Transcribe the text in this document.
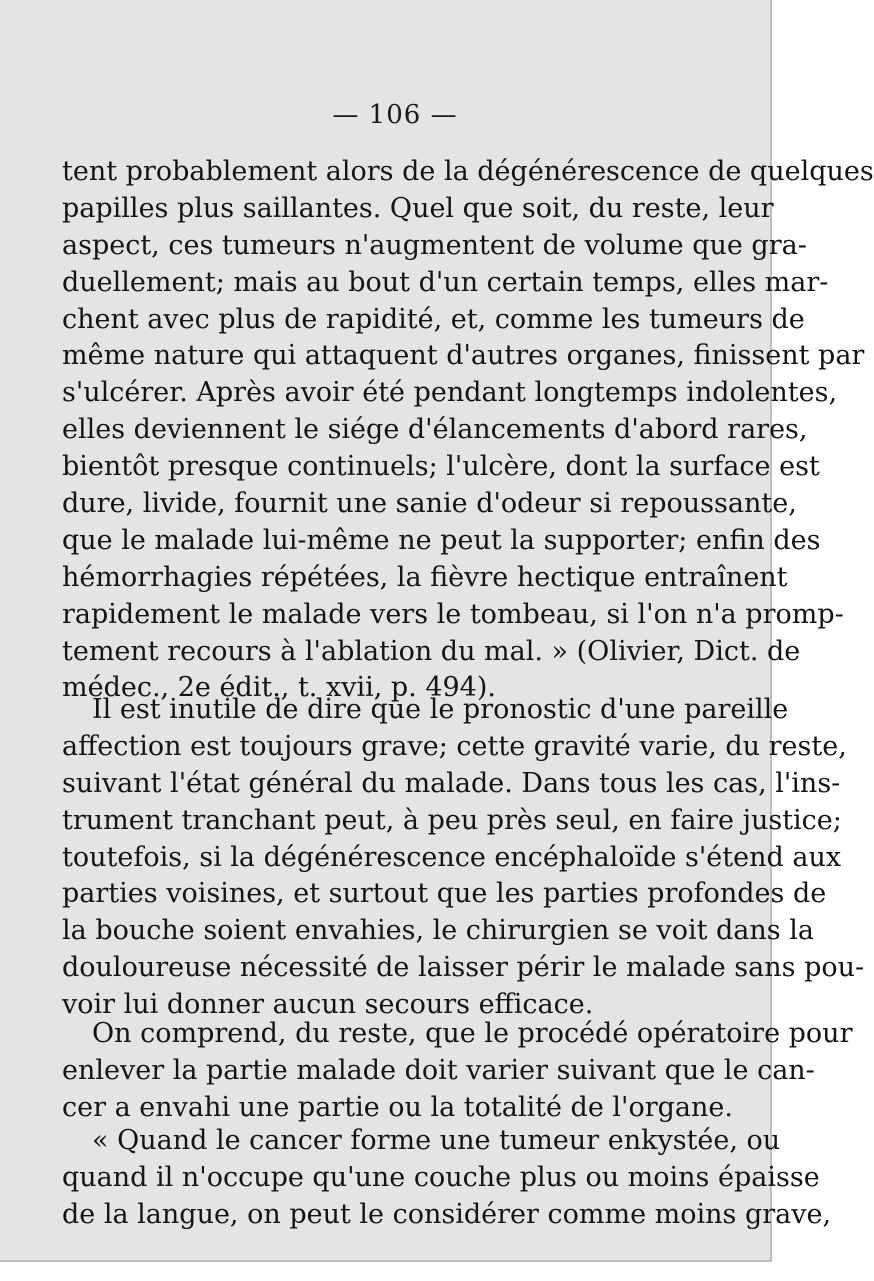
— 106 —
tent probablement alors de la dégénérescence de quelques
papilles plus saillantes. Quel que soit, du reste, leur
aspect, ces tumeurs n'augmentent de volume que gra-
duellement; mais au bout d'un certain temps, elles mar-
chent avec plus de rapidité, et, comme les tumeurs de
même nature qui attaquent d'autres organes, finissent par
s'ulcérer. Après avoir été pendant longtemps indolentes,
elles deviennent le siége d'élancements d'abord rares,
bientôt presque continuels; l'ulcère, dont la surface est
dure, livide, fournit une sanie d'odeur si repoussante,
que le malade lui-même ne peut la supporter; enfin des
hémorrhagies répétées, la fièvre hectique entraînent
rapidement le malade vers le tombeau, si l'on n'a promp-
tement recours à l'ablation du mal. » (Olivier, Dict. de
médec., 2e édit., t. xvii, p. 494).
Il est inutile de dire que le pronostic d'une pareille
affection est toujours grave; cette gravité varie, du reste,
suivant l'état général du malade. Dans tous les cas, l'ins-
trument tranchant peut, à peu près seul, en faire justice;
toutefois, si la dégénérescence encéphaloïde s'étend aux
parties voisines, et surtout que les parties profondes de
la bouche soient envahies, le chirurgien se voit dans la
douloureuse nécessité de laisser périr le malade sans pou-
voir lui donner aucun secours efficace.
On comprend, du reste, que le procédé opératoire pour
enlever la partie malade doit varier suivant que le can-
cer a envahi une partie ou la totalité de l'organe.
« Quand le cancer forme une tumeur enkystée, ou
quand il n'occupe qu'une couche plus ou moins épaisse
de la langue, on peut le considérer comme moins grave,
